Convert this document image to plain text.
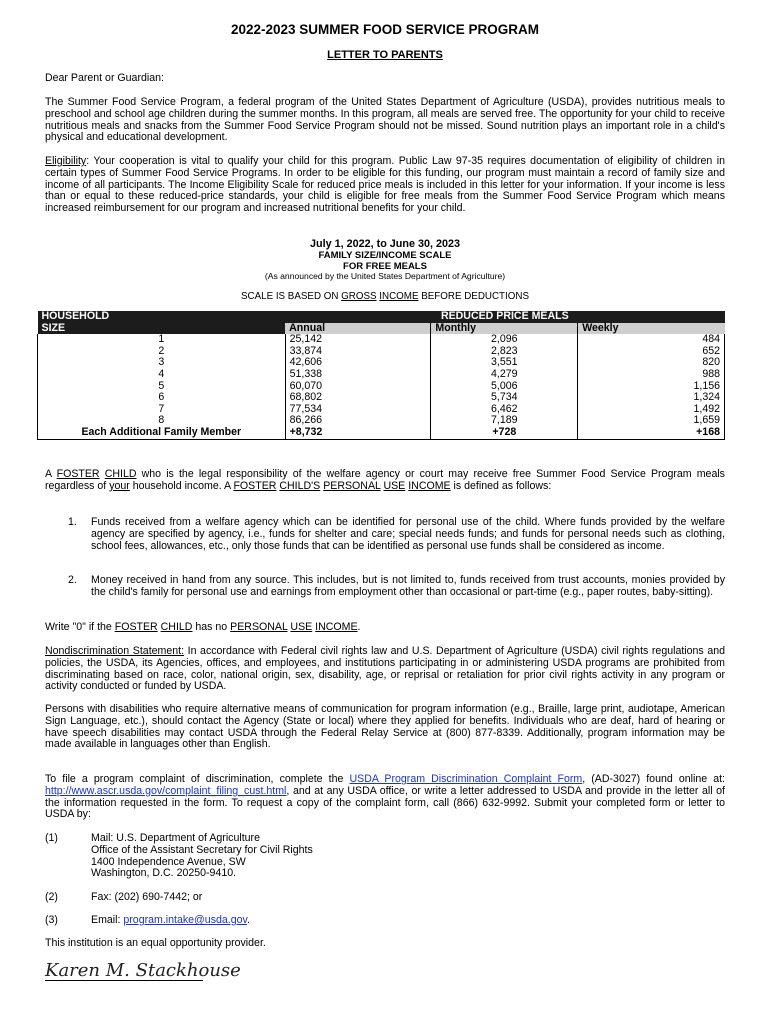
2022-2023 SUMMER FOOD SERVICE PROGRAM
LETTER TO PARENTS
Dear Parent or Guardian:
The Summer Food Service Program, a federal program of the United States Department of Agriculture (USDA), provides nutritious meals to preschool and school age children during the summer months. In this program, all meals are served free. The opportunity for your child to receive nutritious meals and snacks from the Summer Food Service Program should not be missed. Sound nutrition plays an important role in a child's physical and educational development.
Eligibility: Your cooperation is vital to qualify your child for this program. Public Law 97-35 requires documentation of eligibility of children in certain types of Summer Food Service Programs. In order to be eligible for this funding, our program must maintain a record of family size and income of all participants. The Income Eligibility Scale for reduced price meals is included in this letter for your information. If your income is less than or equal to these reduced-price standards, your child is eligible for free meals from the Summer Food Service Program which means increased reimbursement for our program and increased nutritional benefits for your child.
July 1, 2022, to June 30, 2023
FAMILY SIZE/INCOME SCALE
FOR FREE MEALS
(As announced by the United States Department of Agriculture)
SCALE IS BASED ON GROSS INCOME BEFORE DEDUCTIONS
HOUSEHOLD	REDUCED PRICE MEALS		
SIZE	Annual	Monthly	Weekly
1	25,142	2,096	484
2	33,874	2,823	652
3	42,606	3,551	820
4	51,338	4,279	988
5	60,070	5,006	1,156
6	68,802	5,734	1,324
7	77,534	6,462	1,492
8	86,266	7,189	1,659
Each Additional Family Member	+8,732	+728	+168
A FOSTER CHILD who is the legal responsibility of the welfare agency or court may receive free Summer Food Service Program meals regardless of your household income. A FOSTER CHILD'S PERSONAL USE INCOME is defined as follows:
1. Funds received from a welfare agency which can be identified for personal use of the child. Where funds provided by the welfare agency are specified by agency, i.e., funds for shelter and care; special needs funds; and funds for personal needs such as clothing, school fees, allowances, etc., only those funds that can be identified as personal use funds shall be considered as income.
2. Money received in hand from any source. This includes, but is not limited to, funds received from trust accounts, monies provided by the child's family for personal use and earnings from employment other than occasional or part-time (e.g., paper routes, baby-sitting).
Write "0" if the FOSTER CHILD has no PERSONAL USE INCOME.
Nondiscrimination Statement: In accordance with Federal civil rights law and U.S. Department of Agriculture (USDA) civil rights regulations and policies, the USDA, its Agencies, offices, and employees, and institutions participating in or administering USDA programs are prohibited from discriminating based on race, color, national origin, sex, disability, age, or reprisal or retaliation for prior civil rights activity in any program or activity conducted or funded by USDA.
Persons with disabilities who require alternative means of communication for program information (e.g., Braille, large print, audiotape, American Sign Language, etc.), should contact the Agency (State or local) where they applied for benefits. Individuals who are deaf, hard of hearing or have speech disabilities may contact USDA through the Federal Relay Service at (800) 877-8339. Additionally, program information may be made available in languages other than English.
To file a program complaint of discrimination, complete the USDA Program Discrimination Complaint Form, (AD-3027) found online at: http://www.ascr.usda.gov/complaint_filing_cust.html, and at any USDA office, or write a letter addressed to USDA and provide in the letter all of the information requested in the form. To request a copy of the complaint form, call (866) 632-9992. Submit your completed form or letter to USDA by:
(1)	Mail: U.S. Department of Agriculture
Office of the Assistant Secretary for Civil Rights
1400 Independence Avenue, SW
Washington, D.C. 20250-9410.
(2)	Fax: (202) 690-7442; or
(3)	Email: program.intake@usda.gov.
This institution is an equal opportunity provider.
Karen M. Stackhouse
